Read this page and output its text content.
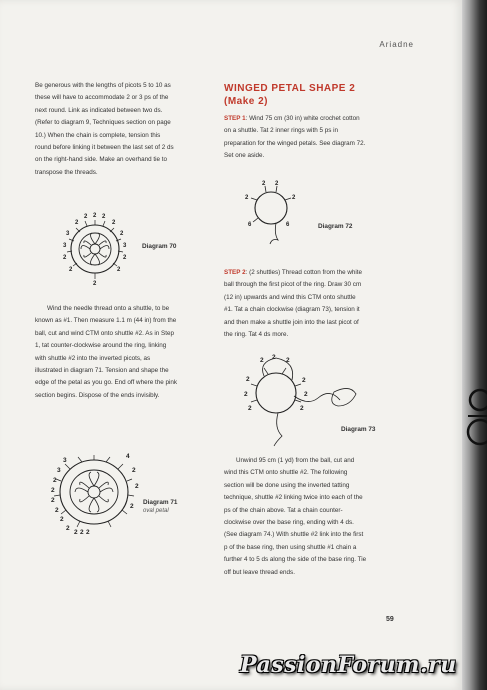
Ariadne
Be generous with the lengths of picots 5 to 10 as
these will have to accommodate 2 or 3 ps of the
next round. Link as indicated between two ds.
(Refer to diagram 9, Techniques section on page
10.) When the chain is complete, tension this
round before linking it between the last set of 2 ds
on the right-hand side. Make an overhand tie to
transpose the threads.
2 2
2
2
2
2
3
3
3
2
2
2
2
2
Diagram 70
Wind the needle thread onto a shuttle, to be
known as #1. Then measure 1.1 m (44 in) from the
ball, cut and wind CTM onto shuttle #2. As in Step
1, tat counter-clockwise around the ring, linking
with shuttle #2 into the inverted picots, as
illustrated in diagram 71. Tension and shape the
edge of the petal as you go. End off where the pink
section begins. Dispose of the ends invisibly.
4
3
3
2
2
2
2
2
2
2 2 2
2
2
2
Diagram 71
oval petal
WINGED PETAL SHAPE 2
(Make 2)
STEP 1: Wind 75 cm (30 in) white crochet cotton
on a shuttle. Tat 2 inner rings with 5 ps in
preparation for the winged petals. See diagram 72.
Set one aside.
2 2
2	2
6	6	Diagram 72
STEP 2: (2 shuttles) Thread cotton from the white
ball through the first picot of the ring. Draw 30 cm
(12 in) upwards and wind this CTM onto shuttle
#1. Tat a chain clockwise (diagram 73), tension it
and then make a shuttle join into the last picot of
the ring. Tat 4 ds more.
2 2 2
2	2
2	2
2	2
Diagram 73
Unwind 95 cm (1 yd) from the ball, cut and
wind this CTM onto shuttle #2. The following
section will be done using the inverted tatting
technique, shuttle #2 linking twice into each of the
ps of the chain above. Tat a chain counter-
clockwise over the base ring, ending with 4 ds.
(See diagram 74.) With shuttle #2 link into the first
p of the base ring, then using shuttle #1 chain a
further 4 to 5 ds along the side of the base ring. Tie
off but leave thread ends.
59
PassionForum.ru
